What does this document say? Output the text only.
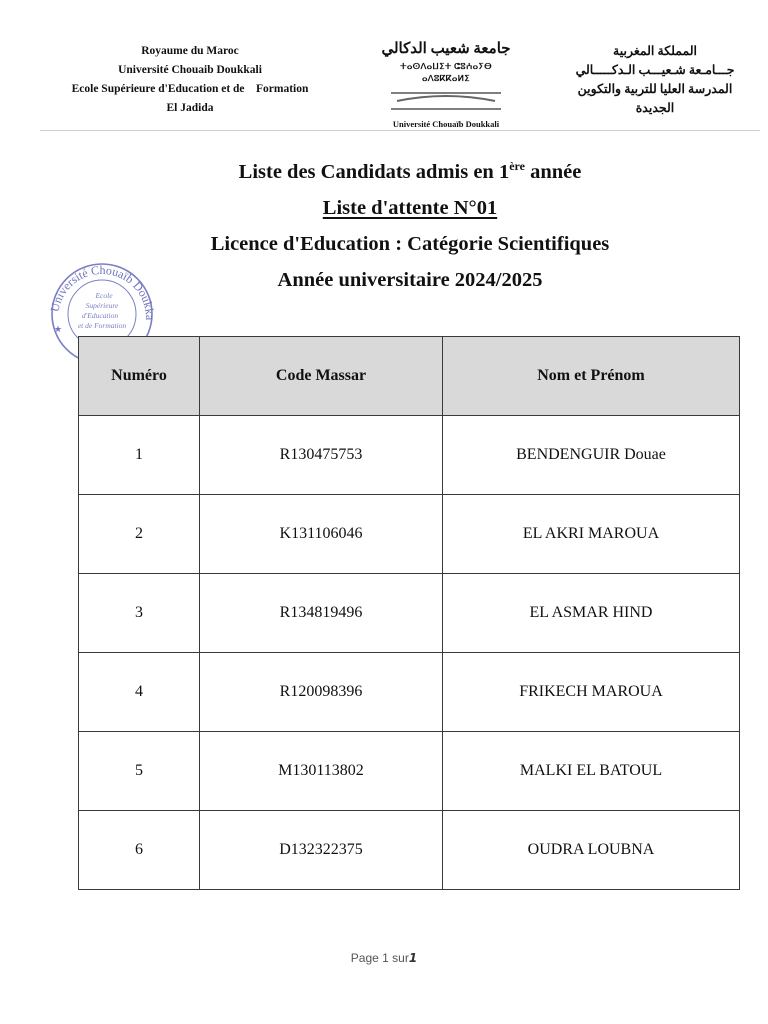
Royaume du Maroc
Université Chouaib Doukkali
Ecole Supérieure d'Education et de    Formation
El Jadida
جامعة شعيب الدكالي
ⵜⴰⵙⴷⴰⵡⵉⵜ ⵛⵓⵄⴰⵢⴱ ⴰⴷⵓⴽⴽⴰⵍⵉ
Université Chouaïb Doukkali
المملكة المغربية
جـــامـعة شـعيـــب الـدكـــــالي
المدرسة العليا للتربية والتكوين
الجديدة
Liste des Candidats admis en 1ère année
Liste d'attente N°01
Licence d'Education : Catégorie Scientifiques
Année universitaire 2024/2025
Université Chouaïb Doukka
Ecole
Supérieure
d'Education
et de Formation
★
Numéro	Code Massar	Nom et Prénom
1	R130475753	BENDENGUIR Douae
2	K131106046	EL AKRI MAROUA
3	R134819496	EL ASMAR HIND
4	R120098396	FRIKECH MAROUA
5	M130113802	MALKI EL BATOUL
6	D132322375	OUDRA LOUBNA
Page 1 sur1
